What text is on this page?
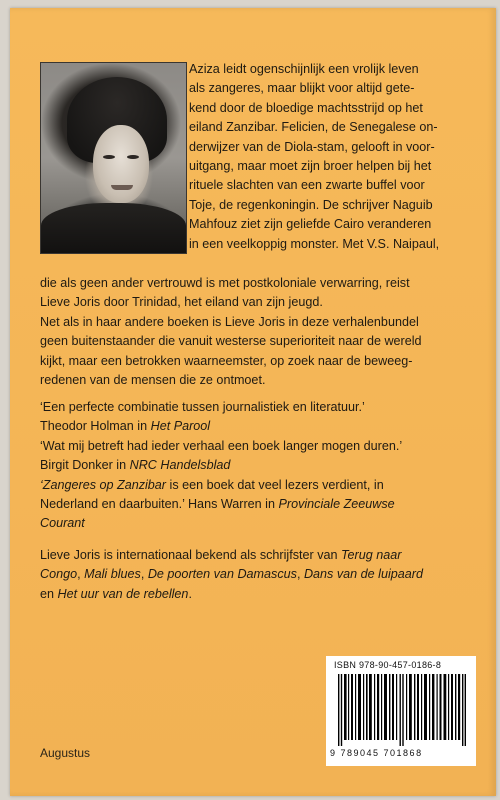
Aziza leidt ogenschijnlijk een vrolijk leven
als zangeres, maar blijkt voor altijd gete-
kend door de bloedige machtsstrijd op het
eiland Zanzibar. Felicien, de Senegalese on-
derwijzer van de Diola-stam, gelooft in voor-
uitgang, maar moet zijn broer helpen bij het
rituele slachten van een zwarte buffel voor
Toje, de regenkoningin. De schrijver Naguib
Mahfouz ziet zijn geliefde Cairo veranderen
in een veelkoppig monster. Met V.S. Naipaul,
die als geen ander vertrouwd is met postkoloniale verwarring, reist
Lieve Joris door Trinidad, het eiland van zijn jeugd.
Net als in haar andere boeken is Lieve Joris in deze verhalenbundel
geen buitenstaander die vanuit westerse superioriteit naar de wereld
kijkt, maar een betrokken waarneemster, op zoek naar de beweeg-
redenen van de mensen die ze ontmoet.
‘Een perfecte combinatie tussen journalistiek en literatuur.’
Theodor Holman in Het Parool
‘Wat mij betreft had ieder verhaal een boek langer mogen duren.’
Birgit Donker in NRC Handelsblad
‘Zangeres op Zanzibar is een boek dat veel lezers verdient, in
Nederland en daarbuiten.’ Hans Warren in Provinciale Zeeuwse
Courant
Lieve Joris is internationaal bekend als schrijfster van Terug naar
Congo, Mali blues, De poorten van Damascus, Dans van de luipaard
en Het uur van de rebellen.
ISBN 978-90-457-0186-8
9 789045 701868
Augustus
